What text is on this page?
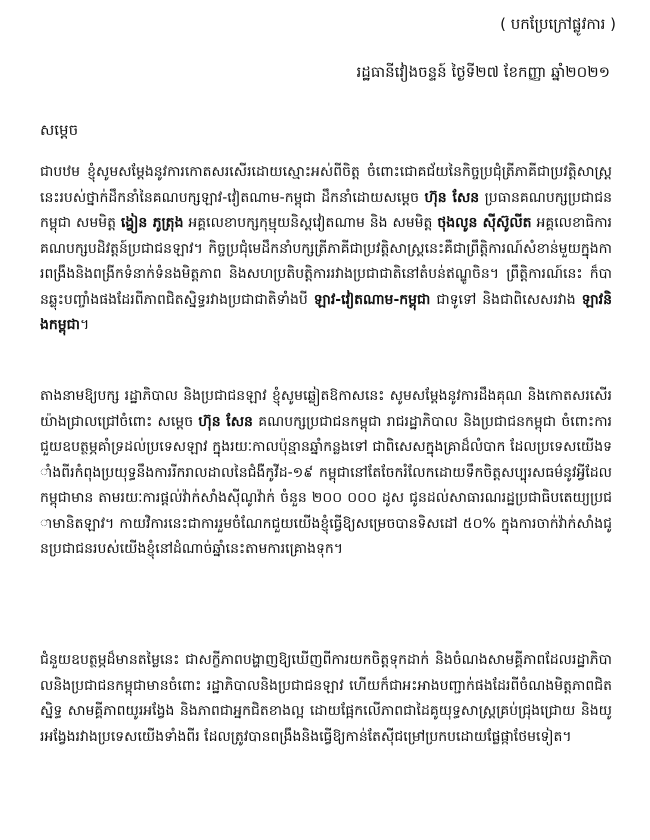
( បកប្រែក្រៅផ្លូវការ )
រដ្ឋធានីវៀងចន្ទន៍ ថ្ងៃទី២៧ ខែកញ្ញា ឆ្នាំ២០២១
សម្តេច

ជាបឋម ខ្ញុំសូមសម្តែងនូវការកោតសរសើរដោយស្មោះអស់ពីចិត្ត ចំពោះជោគជ័យនៃកិច្ចប្រជុំត្រីភាគីជាប្រវត្តិសាស្ត្រនេះរបស់ថ្នាក់ដឹកនាំនៃគណបក្សឡាវ-វៀតណាម-កម្ពុជា ដឹកនាំដោយសម្តេច ហ៊ុន សែន ប្រធានគណបក្សប្រជាជនកម្ពុជា សមមិត្ត ង្វៀន ភូត្រុង អគ្គលេខាបក្សកុម្មុយនិស្តវៀតណាម និង សមមិត្ត ថុងលូន ស៊ីស៊ូលីត អគ្គលេខាធិការគណបក្សបដិវត្តន៍ប្រជាជនឡាវ។ កិច្ចប្រជុំមេដឹកនាំបក្សត្រីភាគីជាប្រវត្តិសាស្ត្រនេះគឺជាព្រឹត្តិការណ៍សំខាន់មួយក្នុងការពង្រឹងនិងពង្រីកទំនាក់ទំនងមិត្តភាព និងសហប្រតិបត្តិការរវាងប្រជាជាតិនៅតំបន់ឥណ្ឌូចិន។ ព្រឹត្តិការណ៍នេះ ក៏បានឆ្លុះបញ្ចាំងផងដែរពីភាពជិតស្និទ្ធរវាងប្រជាជាតិទាំងបី ឡាវ-វៀតណាម-កម្ពុជា ជាទូទៅ និងជាពិសេសរវាង ឡាវនិងកម្ពុជា។

តាងនាមឱ្យបក្ស រដ្ឋាភិបាល និងប្រជាជនឡាវ ខ្ញុំសូមឆ្លៀតឱកាសនេះ សូមសម្តែងនូវការដឹងគុណ និងកោតសរសើរយ៉ាងជ្រាលជ្រៅចំពោះ សម្តេច ហ៊ុន សែន គណបក្សប្រជាជនកម្ពុជា រាជរដ្ឋាភិបាល និងប្រជាជនកម្ពុជា ចំពោះការជួយឧបត្ថម្ភគាំទ្រដល់ប្រទេសឡាវ ក្នុងរយៈកាលប៉ុន្មានឆ្នាំកន្លងទៅ ជាពិសេសក្នុងគ្រាដ៏លំបាក ដែលប្រទេសយើងទាំងពីរកំពុងប្រយុទ្ធនឹងការរីករាលដាលនៃជំងឺកូវីដ-១៩ កម្ពុជានៅតែចែករំលែកដោយទឹកចិត្តសប្បុរសធម៌នូវអ្វីដែលកម្ពុជាមាន តាមរយៈការផ្តល់វ៉ាក់សាំងស៊ីណូវ៉ាក់ ចំនួន ២០០ ០០០ ដូស ជូនដល់សាធារណរដ្ឋប្រជាធិបតេយ្យប្រជាមានិតឡាវ។ កាយវិការនេះជាការរួមចំណែកជួយយើងខ្ញុំធ្វើឱ្យសម្រេចបានទិសដៅ ៥០% ក្នុងការចាក់វ៉ាក់សាំងជូនប្រជាជនរបស់យើងខ្ញុំនៅដំណាច់ឆ្នាំនេះតាមការគ្រោងទុក។

ជំនួយឧបត្ថម្ភដ៏មានតម្លៃនេះ ជាសក្ខីភាពបង្ហាញឱ្យឃើញពីការយកចិត្តទុកដាក់ និងចំណងសាមគ្គីភាពដែលរដ្ឋាភិបាលនិងប្រជាជនកម្ពុជាមានចំពោះ រដ្ឋាភិបាលនិងប្រជាជនឡាវ ហើយក៏ជាអះអាងបញ្ជាក់ផងដែរពីចំណងមិត្តភាពជិតស្និទ្ធ សាមគ្គីភាពយូរអង្វែង និងភាពជាអ្នកជិតខាងល្អ ដោយផ្អែកលើភាពជាដៃគូយុទ្ធសាស្ត្រគ្រប់ជ្រុងជ្រោយ និងយូរអង្វែងរវាងប្រទេសយើងទាំងពីរ ដែលត្រូវបានពង្រឹងនិងធ្វើឱ្យកាន់តែស៊ីជម្រៅប្រកបដោយផ្លែផ្កាថែមទៀត។
